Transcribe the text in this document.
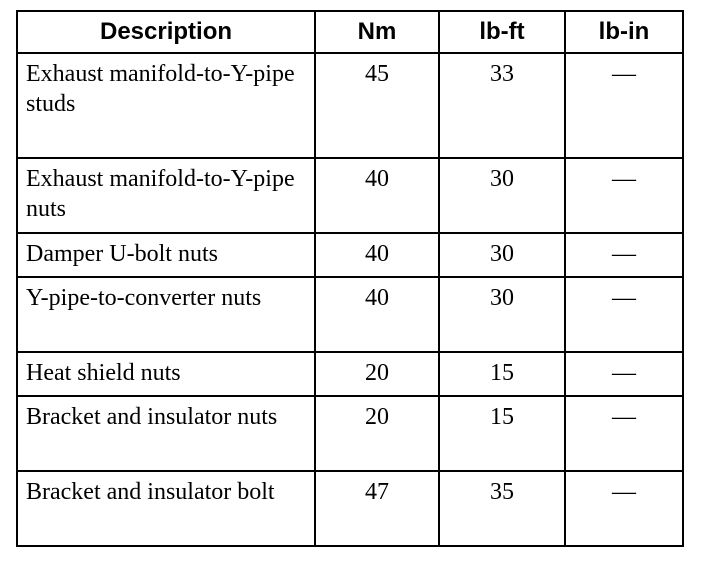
Description	Nm	lb-ft	lb-in
Exhaust manifold-to-Y-pipe studs	45	33	—
Exhaust manifold-to-Y-pipe nuts	40	30	—
Damper U-bolt nuts	40	30	—
Y-pipe-to-converter nuts	40	30	—
Heat shield nuts	20	15	—
Bracket and insulator nuts	20	15	—
Bracket and insulator bolt	47	35	—
